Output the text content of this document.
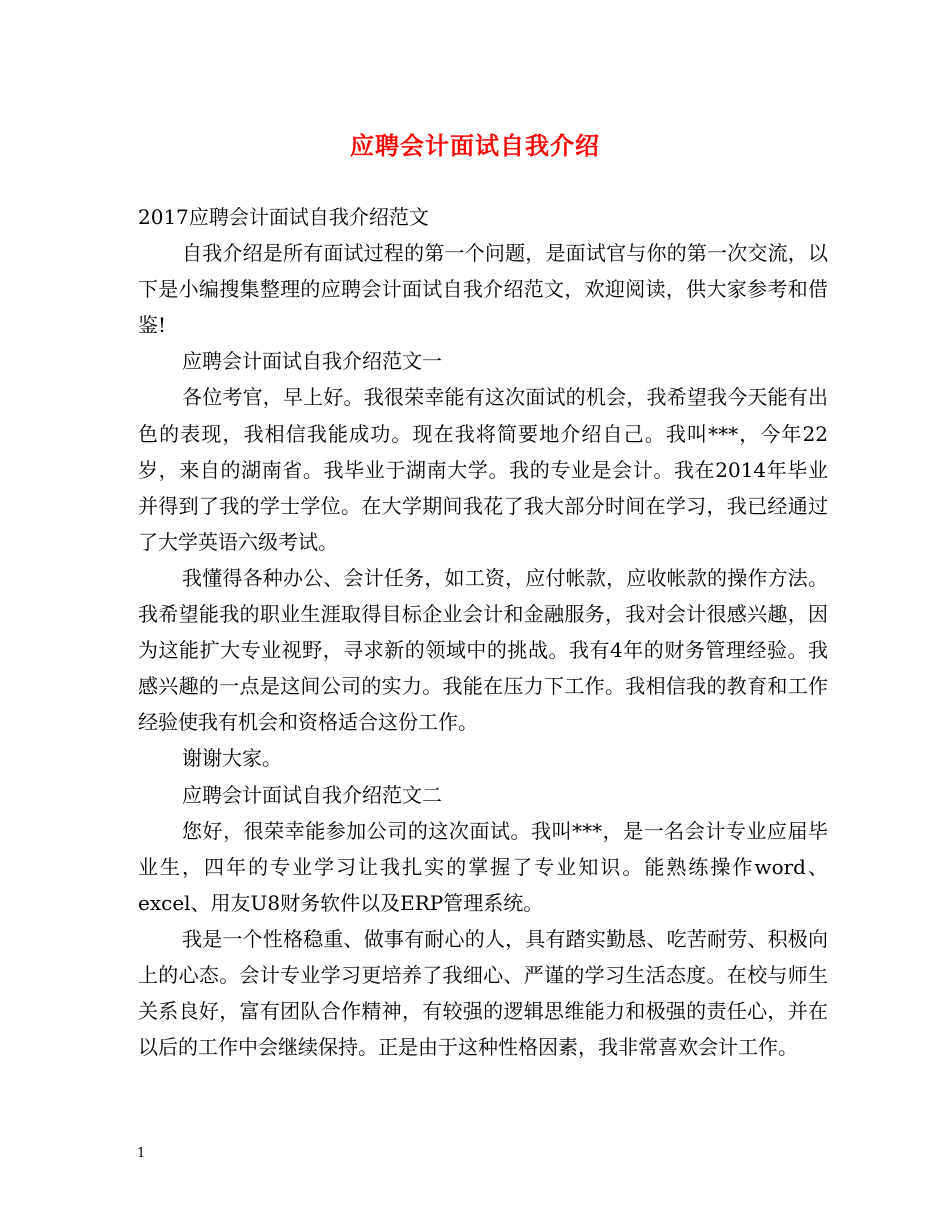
应聘会计面试自我介绍

2017应聘会计面试自我介绍范文

自我介绍是所有面试过程的第一个问题，是面试官与你的第一次交流，以下是小编搜集整理的应聘会计面试自我介绍范文，欢迎阅读，供大家参考和借鉴!

应聘会计面试自我介绍范文一

各位考官，早上好。我很荣幸能有这次面试的机会，我希望我今天能有出色的表现，我相信我能成功。现在我将简要地介绍自己。我叫***，今年22岁，来自的湖南省。我毕业于湖南大学。我的专业是会计。我在2014年毕业并得到了我的学士学位。在大学期间我花了我大部分时间在学习，我已经通过了大学英语六级考试。

我懂得各种办公、会计任务，如工资，应付帐款，应收帐款的操作方法。我希望能我的职业生涯取得目标企业会计和金融服务，我对会计很感兴趣，因为这能扩大专业视野，寻求新的领域中的挑战。我有4年的财务管理经验。我感兴趣的一点是这间公司的实力。我能在压力下工作。我相信我的教育和工作经验使我有机会和资格适合这份工作。

谢谢大家。

应聘会计面试自我介绍范文二

您好，很荣幸能参加公司的这次面试。我叫***，是一名会计专业应届毕业生，四年的专业学习让我扎实的掌握了专业知识。能熟练操作word、excel、用友U8财务软件以及ERP管理系统。

我是一个性格稳重、做事有耐心的人，具有踏实勤恳、吃苦耐劳、积极向上的心态。会计专业学习更培养了我细心、严谨的学习生活态度。在校与师生关系良好，富有团队合作精神，有较强的逻辑思维能力和极强的责任心，并在以后的工作中会继续保持。正是由于这种性格因素，我非常喜欢会计工作。

1
